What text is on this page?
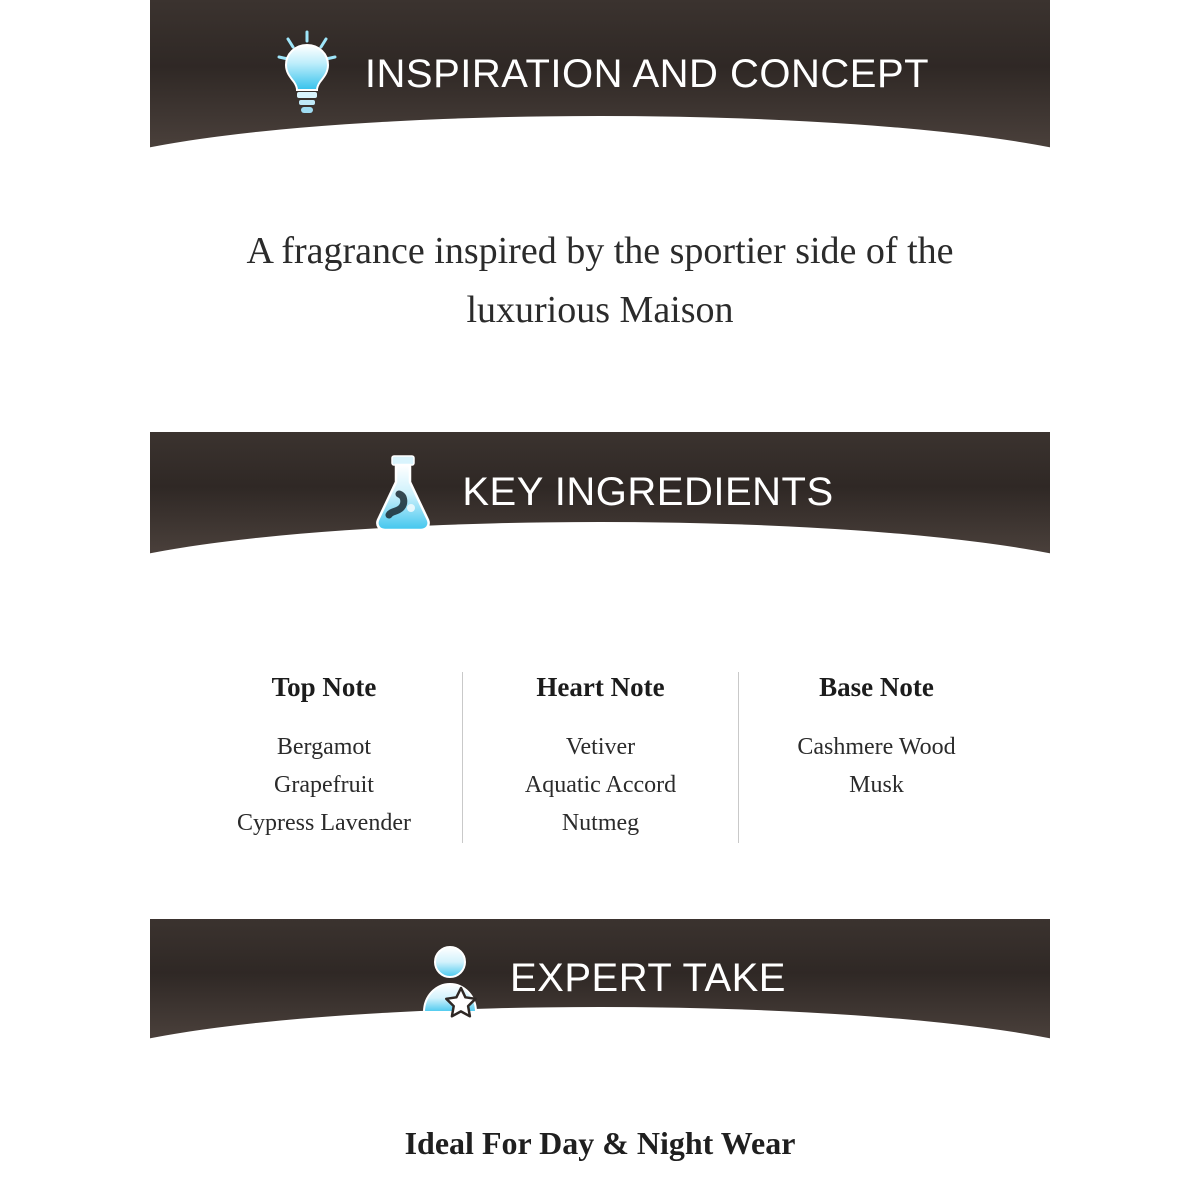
INSPIRATION AND CONCEPT
A fragrance inspired by the sportier side of the luxurious Maison
KEY INGREDIENTS
Top Note
Bergamot
Grapefruit
Cypress Lavender
Heart Note
Vetiver
Aquatic Accord
Nutmeg
Base Note
Cashmere Wood
Musk
EXPERT TAKE
Ideal For Day & Night Wear
